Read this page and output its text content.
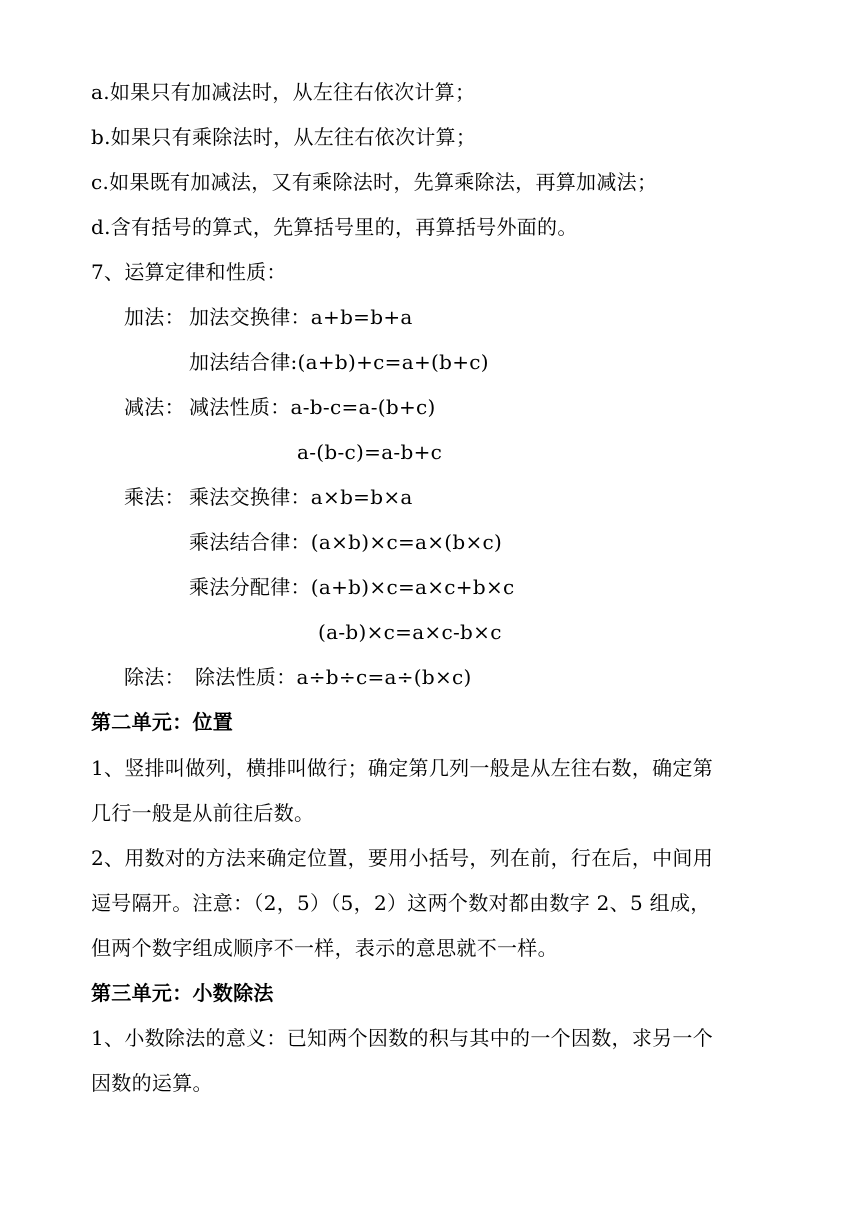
a.如果只有加减法时，从左往右依次计算；
b.如果只有乘除法时，从左往右依次计算；
c.如果既有加减法，又有乘除法时，先算乘除法，再算加减法；
d.含有括号的算式，先算括号里的，再算括号外面的。
7、运算定律和性质：
加法： 加法交换律：a+b=b+a
加法结合律:(a+b)+c=a+(b+c)
减法： 减法性质：a-b-c=a-(b+c)
a-(b-c)=a-b+c
乘法： 乘法交换律：a×b=b×a
乘法结合律：(a×b)×c=a×(b×c)
乘法分配律：(a+b)×c=a×c+b×c
(a-b)×c=a×c-b×c
除法： 除法性质：a÷b÷c=a÷(b×c)
第二单元：位置
1、竖排叫做列，横排叫做行；确定第几列一般是从左往右数，确定第
几行一般是从前往后数。
2、用数对的方法来确定位置，要用小括号，列在前，行在后，中间用
逗号隔开。注意：（2，5）（5，2）这两个数对都由数字 2、5 组成，
但两个数字组成顺序不一样，表示的意思就不一样。
第三单元：小数除法
1、小数除法的意义：已知两个因数的积与其中的一个因数，求另一个
因数的运算。
